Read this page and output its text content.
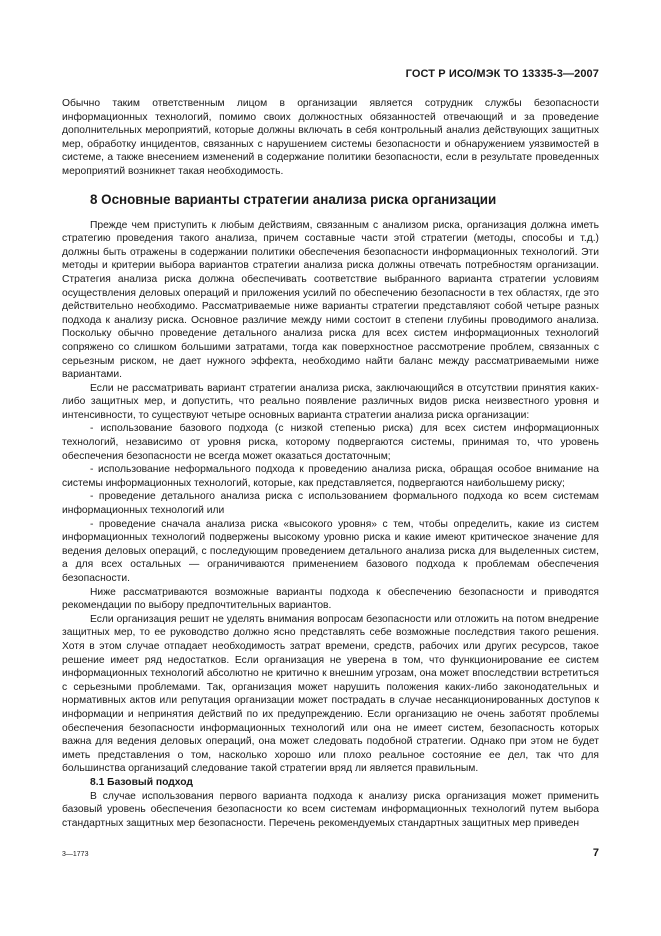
ГОСТ Р ИСО/МЭК ТО 13335-3—2007

Обычно таким ответственным лицом в организации является сотрудник службы безопасности информационных технологий, помимо своих должностных обязанностей отвечающий и за проведение дополнительных мероприятий, которые должны включать в себя контрольный анализ действующих защитных мер, обработку инцидентов, связанных с нарушением системы безопасности и обнаружением уязвимостей в системе, а также внесением изменений в содержание политики безопасности, если в результате проведенных мероприятий возникнет такая необходимость.

8 Основные варианты стратегии анализа риска организации

Прежде чем приступить к любым действиям, связанным с анализом риска, организация должна иметь стратегию проведения такого анализа, причем составные части этой стратегии (методы, способы и т.д.) должны быть отражены в содержании политики обеспечения безопасности информационных технологий. Эти методы и критерии выбора вариантов стратегии анализа риска должны отвечать потребностям организации. Стратегия анализа риска должна обеспечивать соответствие выбранного варианта стратегии условиям осуществления деловых операций и приложения усилий по обеспечению безопасности в тех областях, где это действительно необходимо. Рассматриваемые ниже варианты стратегии представляют собой четыре разных подхода к анализу риска. Основное различие между ними состоит в степени глубины проводимого анализа. Поскольку обычно проведение детального анализа риска для всех систем информационных технологий сопряжено со слишком большими затратами, тогда как поверхностное рассмотрение проблем, связанных с серьезным риском, не дает нужного эффекта, необходимо найти баланс между рассматриваемыми ниже вариантами.

Если не рассматривать вариант стратегии анализа риска, заключающийся в отсутствии принятия каких-либо защитных мер, и допустить, что реально появление различных видов риска неизвестного уровня и интенсивности, то существуют четыре основных варианта стратегии анализа риска организации:

- использование базового подхода (с низкой степенью риска) для всех систем информационных технологий, независимо от уровня риска, которому подвергаются системы, принимая то, что уровень обеспечения безопасности не всегда может оказаться достаточным;

- использование неформального подхода к проведению анализа риска, обращая особое внимание на системы информационных технологий, которые, как представляется, подвергаются наибольшему риску;

- проведение детального анализа риска с использованием формального подхода ко всем системам информационных технологий или

- проведение сначала анализа риска «высокого уровня» с тем, чтобы определить, какие из систем информационных технологий подвержены высокому уровню риска и какие имеют критическое значение для ведения деловых операций, с последующим проведением детального анализа риска для выделенных систем, а для всех остальных — ограничиваются применением базового подхода к проблемам обеспечения безопасности.

Ниже рассматриваются возможные варианты подхода к обеспечению безопасности и приводятся рекомендации по выбору предпочтительных вариантов.

Если организация решит не уделять внимания вопросам безопасности или отложить на потом внедрение защитных мер, то ее руководство должно ясно представлять себе возможные последствия такого решения. Хотя в этом случае отпадает необходимость затрат времени, средств, рабочих или других ресурсов, такое решение имеет ряд недостатков. Если организация не уверена в том, что функционирование ее систем информационных технологий абсолютно не критично к внешним угрозам, она может впоследствии встретиться с серьезными проблемами. Так, организация может нарушить положения каких-либо законодательных и нормативных актов или репутация организации может пострадать в случае несанкционированных доступов к информации и непринятия действий по их предупреждению. Если организацию не очень заботят проблемы обеспечения безопасности информационных технологий или она не имеет систем, безопасность которых важна для ведения деловых операций, она может следовать подобной стратегии. Однако при этом не будет иметь представления о том, насколько хорошо или плохо реальное состояние ее дел, так что для большинства организаций следование такой стратегии вряд ли является правильным.

8.1 Базовый подход

В случае использования первого варианта подхода к анализу риска организация может применить базовый уровень обеспечения безопасности ко всем системам информационных технологий путем выбора стандартных защитных мер безопасности. Перечень рекомендуемых стандартных защитных мер приведен

3—1773	7
